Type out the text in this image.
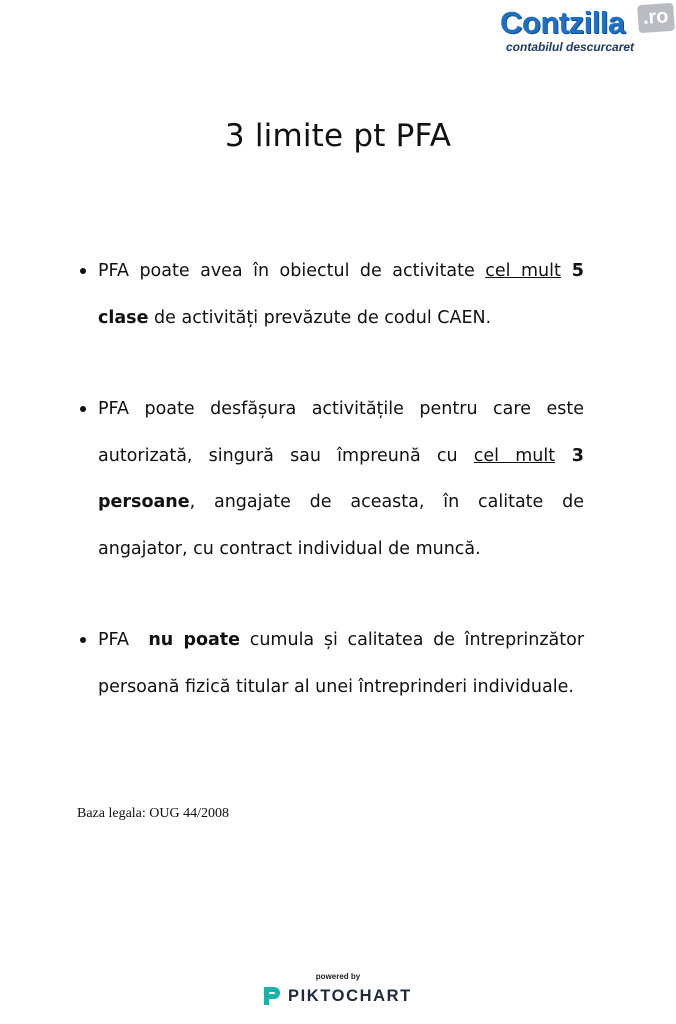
Contzilla .ro
contabilul descurcaret
3 limite pt PFA
PFA poate avea în obiectul de activitate cel mult 5 clase de activități prevăzute de codul CAEN.
PFA poate desfășura activitățile pentru care este autorizată, singură sau împreună cu cel mult 3 persoane, angajate de aceasta, în calitate de angajator, cu contract individual de muncă.
PFA  nu poate cumula și calitatea de întreprinzător persoană fizică titular al unei întreprinderi individuale.

Baza legala: OUG 44/2008

powered by
PIKTOCHART
